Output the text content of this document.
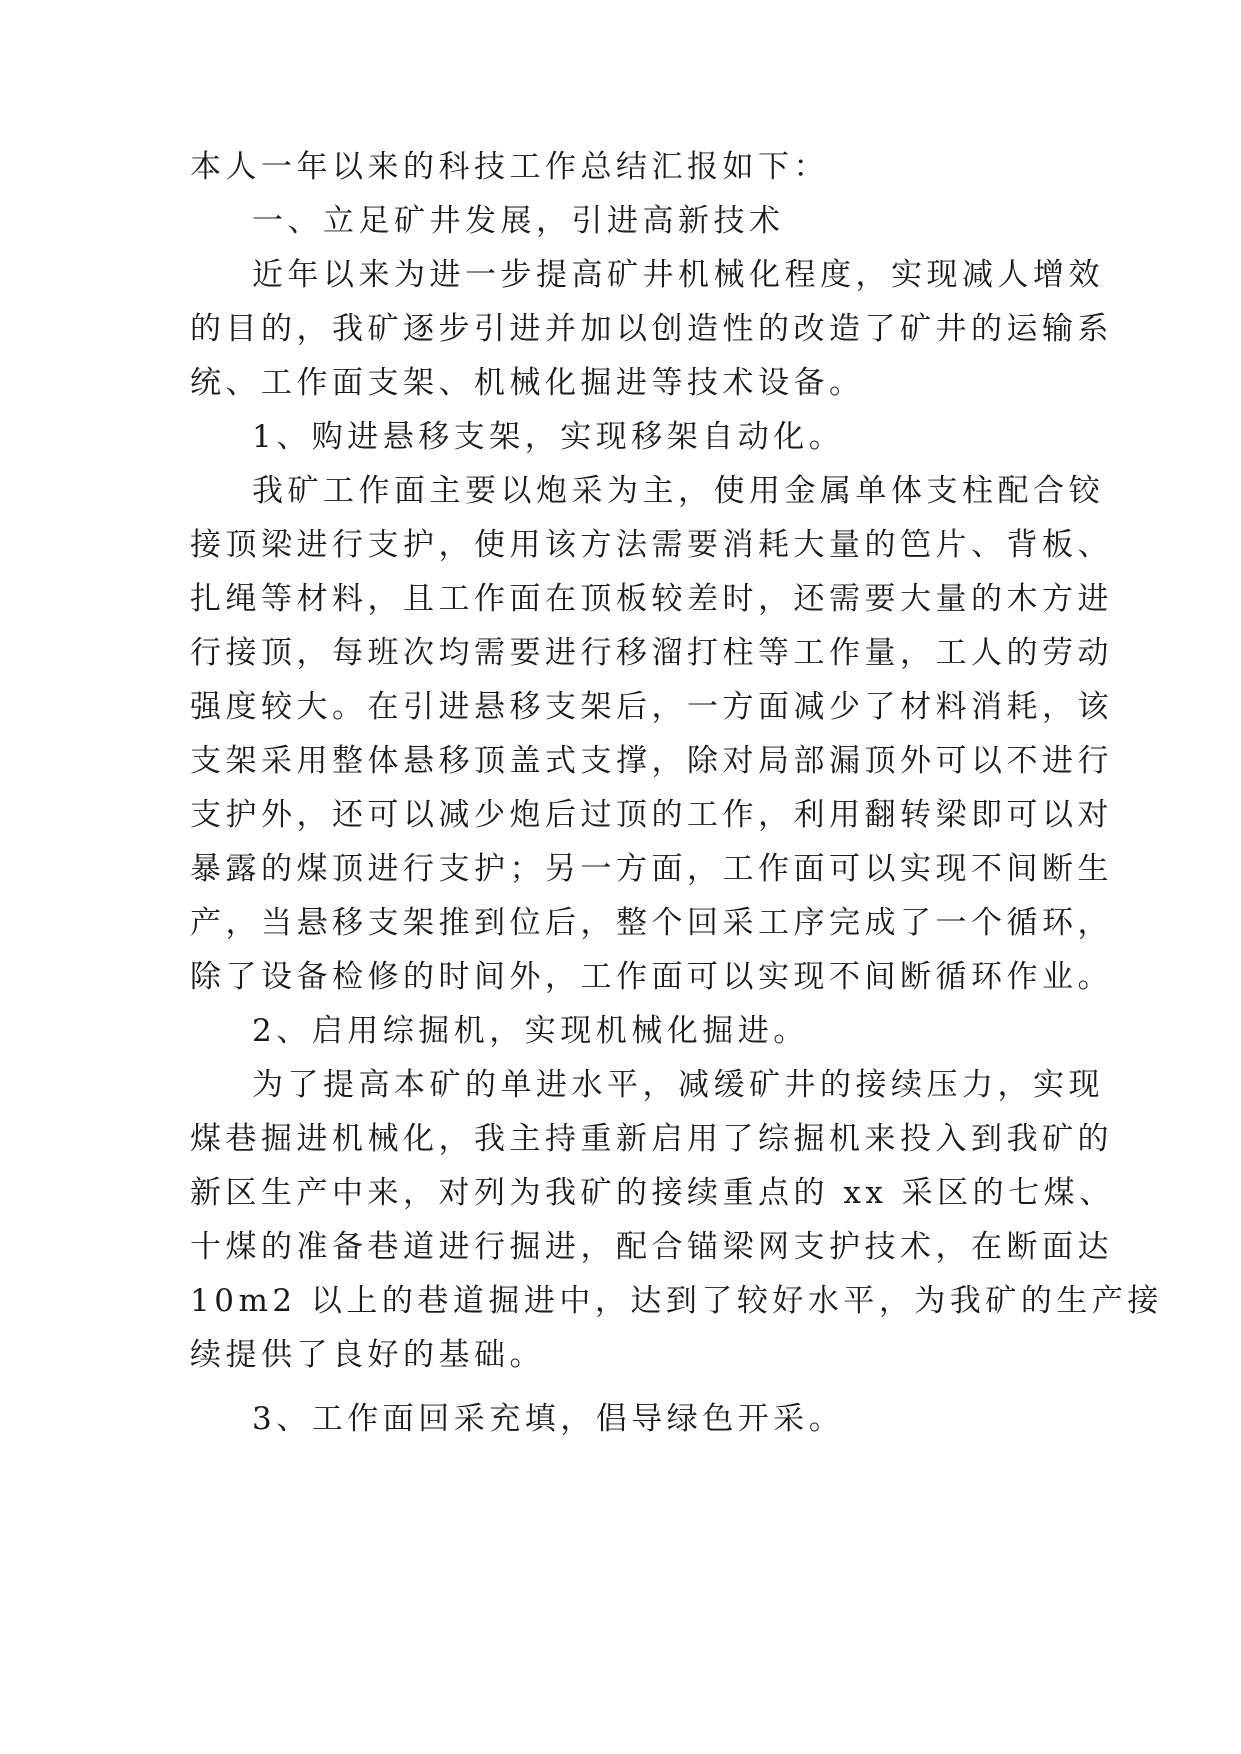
本人一年以来的科技工作总结汇报如下：
一、立足矿井发展，引进高新技术
近年以来为进一步提高矿井机械化程度，实现减人增效
的目的，我矿逐步引进并加以创造性的改造了矿井的运输系
统、工作面支架、机械化掘进等技术设备。
1、购进悬移支架，实现移架自动化。
我矿工作面主要以炮采为主，使用金属单体支柱配合铰
接顶梁进行支护，使用该方法需要消耗大量的笆片、背板、
扎绳等材料，且工作面在顶板较差时，还需要大量的木方进
行接顶，每班次均需要进行移溜打柱等工作量，工人的劳动
强度较大。在引进悬移支架后，一方面减少了材料消耗，该
支架采用整体悬移顶盖式支撑，除对局部漏顶外可以不进行
支护外，还可以减少炮后过顶的工作，利用翻转梁即可以对
暴露的煤顶进行支护；另一方面，工作面可以实现不间断生
产，当悬移支架推到位后，整个回采工序完成了一个循环，
除了设备检修的时间外，工作面可以实现不间断循环作业。
2、启用综掘机，实现机械化掘进。
为了提高本矿的单进水平，减缓矿井的接续压力，实现
煤巷掘进机械化，我主持重新启用了综掘机来投入到我矿的
新区生产中来，对列为我矿的接续重点的 xx 采区的七煤、
十煤的准备巷道进行掘进，配合锚梁网支护技术，在断面达
10m2 以上的巷道掘进中，达到了较好水平，为我矿的生产接
续提供了良好的基础。
3、工作面回采充填，倡导绿色开采。
